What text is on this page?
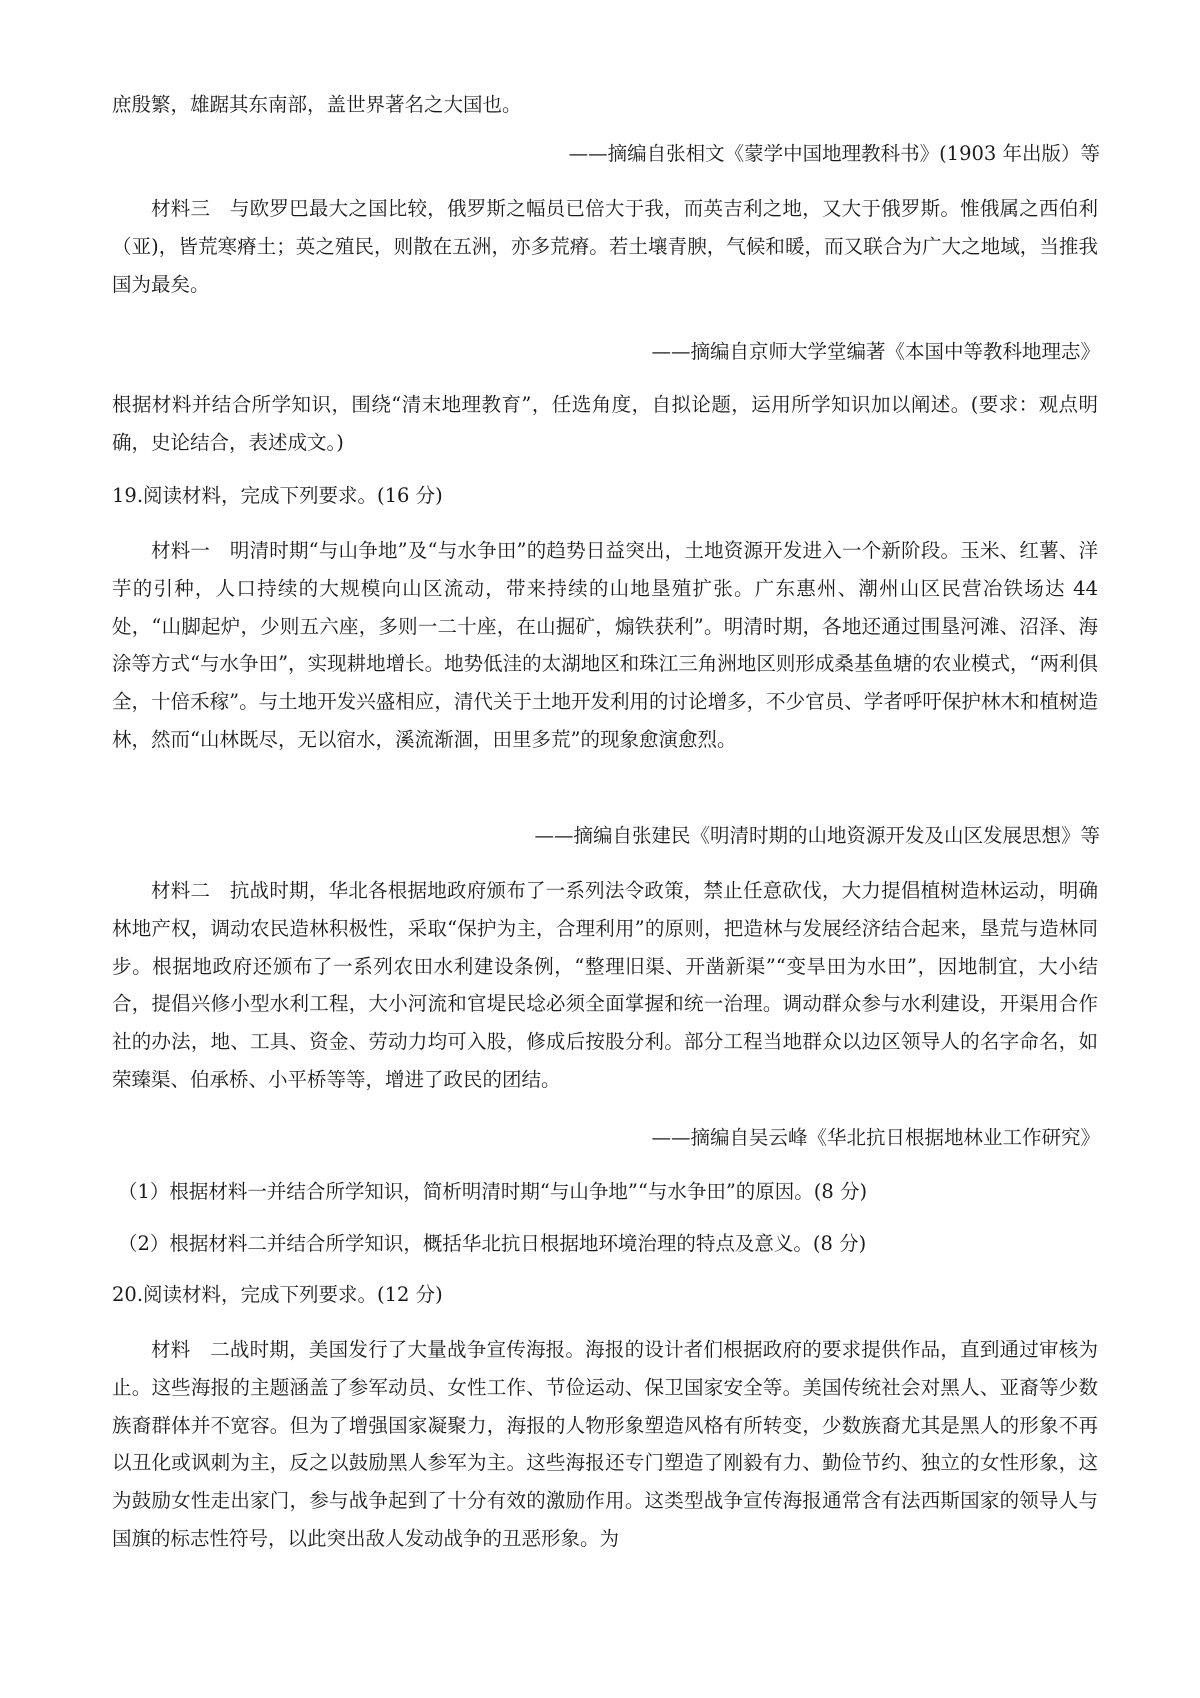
庶殷繁，雄踞其东南部，盖世界著名之大国也。

——摘编自张相文《蒙学中国地理教科书》(1903 年出版）等

材料三　与欧罗巴最大之国比较，俄罗斯之幅员已倍大于我，而英吉利之地，又大于俄罗斯。惟俄属之西伯利（亚)，皆荒寒瘠土；英之殖民，则散在五洲，亦多荒瘠。若土壤青腴，气候和暖，而又联合为广大之地域，当推我国为最矣。

——摘编自京师大学堂编著《本国中等教科地理志》

根据材料并结合所学知识，围绕“清末地理教育”，任选角度，自拟论题，运用所学知识加以阐述。(要求：观点明确，史论结合，表述成文。)

19.阅读材料，完成下列要求。(16 分)

材料一　明清时期“与山争地”及“与水争田”的趋势日益突出，土地资源开发进入一个新阶段。玉米、红薯、洋芋的引种，人口持续的大规模向山区流动，带来持续的山地垦殖扩张。广东惠州、潮州山区民营冶铁场达 44 处，“山脚起炉，少则五六座，多则一二十座，在山掘矿，煽铁获利”。明清时期，各地还通过围垦河滩、沼泽、海涂等方式“与水争田”，实现耕地增长。地势低洼的太湖地区和珠江三角洲地区则形成桑基鱼塘的农业模式，“两利俱全，十倍禾稼”。与土地开发兴盛相应，清代关于土地开发利用的讨论增多，不少官员、学者呼吁保护林木和植树造林，然而“山林既尽，无以宿水，溪流渐涸，田里多荒”的现象愈演愈烈。

——摘编自张建民《明清时期的山地资源开发及山区发展思想》等

材料二　抗战时期，华北各根据地政府颁布了一系列法令政策，禁止任意砍伐，大力提倡植树造林运动，明确林地产权，调动农民造林积极性，采取“保护为主，合理利用”的原则，把造林与发展经济结合起来，垦荒与造林同步。根据地政府还颁布了一系列农田水利建设条例，“整理旧渠、开凿新渠”“变旱田为水田”，因地制宜，大小结合，提倡兴修小型水利工程，大小河流和官堤民埝必须全面掌握和统一治理。调动群众参与水利建设，开渠用合作社的办法，地、工具、资金、劳动力均可入股，修成后按股分利。部分工程当地群众以边区领导人的名字命名，如荣臻渠、伯承桥、小平桥等等，增进了政民的团结。

——摘编自吴云峰《华北抗日根据地林业工作研究》

（1）根据材料一并结合所学知识，简析明清时期“与山争地”“与水争田”的原因。(8 分)

（2）根据材料二并结合所学知识，概括华北抗日根据地环境治理的特点及意义。(8 分)

20.阅读材料，完成下列要求。(12 分)

材料　二战时期，美国发行了大量战争宣传海报。海报的设计者们根据政府的要求提供作品，直到通过审核为止。这些海报的主题涵盖了参军动员、女性工作、节俭运动、保卫国家安全等。美国传统社会对黑人、亚裔等少数族裔群体并不宽容。但为了增强国家凝聚力，海报的人物形象塑造风格有所转变，少数族裔尤其是黑人的形象不再以丑化或讽刺为主，反之以鼓励黑人参军为主。这些海报还专门塑造了刚毅有力、勤俭节约、独立的女性形象，这为鼓励女性走出家门，参与战争起到了十分有效的激励作用。这类型战争宣传海报通常含有法西斯国家的领导人与国旗的标志性符号，以此突出敌人发动战争的丑恶形象。为
